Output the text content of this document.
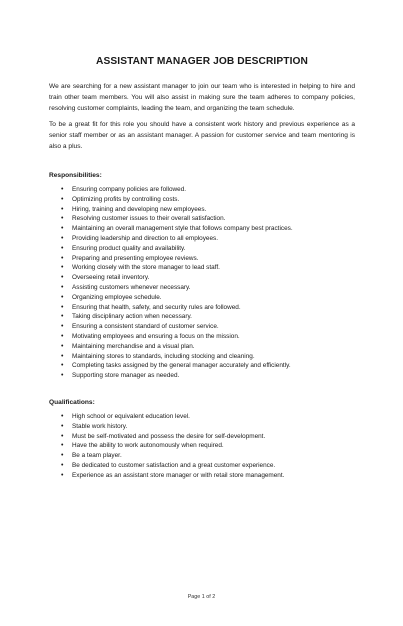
ASSISTANT MANAGER JOB DESCRIPTION

We are searching for a new assistant manager to join our team who is interested in helping to hire and train other team members. You will also assist in making sure the team adheres to company policies, resolving customer complaints, leading the team, and organizing the team schedule.

To be a great fit for this role you should have a consistent work history and previous experience as a senior staff member or as an assistant manager. A passion for customer service and team mentoring is also a plus.

Responsibilities:
• Ensuring company policies are followed.
• Optimizing profits by controlling costs.
• Hiring, training and developing new employees.
• Resolving customer issues to their overall satisfaction.
• Maintaining an overall management style that follows company best practices.
• Providing leadership and direction to all employees.
• Ensuring product quality and availability.
• Preparing and presenting employee reviews.
• Working closely with the store manager to lead staff.
• Overseeing retail inventory.
• Assisting customers whenever necessary.
• Organizing employee schedule.
• Ensuring that health, safety, and security rules are followed.
• Taking disciplinary action when necessary.
• Ensuring a consistent standard of customer service.
• Motivating employees and ensuring a focus on the mission.
• Maintaining merchandise and a visual plan.
• Maintaining stores to standards, including stocking and cleaning.
• Completing tasks assigned by the general manager accurately and efficiently.
• Supporting store manager as needed.
Qualifications:
• High school or equivalent education level.
• Stable work history.
• Must be self-motivated and possess the desire for self-development.
• Have the ability to work autonomously when required.
• Be a team player.
• Be dedicated to customer satisfaction and a great customer experience.
• Experience as an assistant store manager or with retail store management.
Page 1 of 2
